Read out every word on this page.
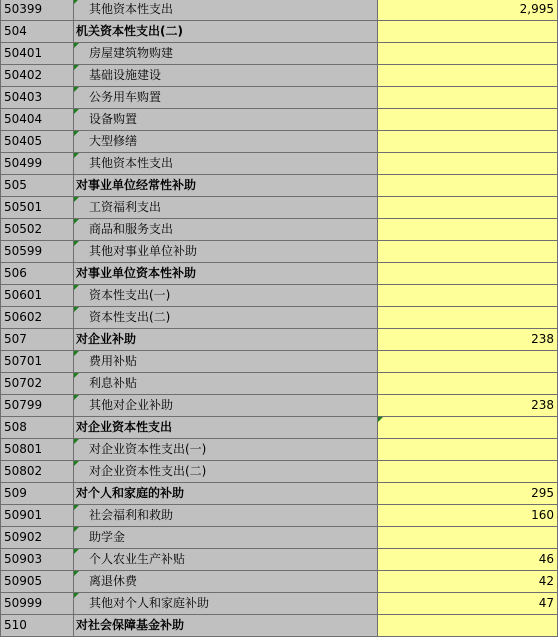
50399	其他资本性支出	2,995
504	机关资本性支出(二)	
50401	房屋建筑物购建	
50402	基础设施建设	
50403	公务用车购置	
50404	设备购置	
50405	大型修缮	
50499	其他资本性支出	
505	对事业单位经常性补助	
50501	工资福利支出	
50502	商品和服务支出	
50599	其他对事业单位补助	
506	对事业单位资本性补助	
50601	资本性支出(一)	
50602	资本性支出(二)	
507	对企业补助	238
50701	费用补贴	
50702	利息补贴	
50799	其他对企业补助	238
508	对企业资本性支出	

50801	对企业资本性支出(一)	
50802	对企业资本性支出(二)	
509	对个人和家庭的补助	295
50901	社会福利和救助	160
50902	助学金	
50903	个人农业生产补贴	46
50905	离退休费	42
50999	其他对个人和家庭补助	47
510	对社会保障基金补助	
